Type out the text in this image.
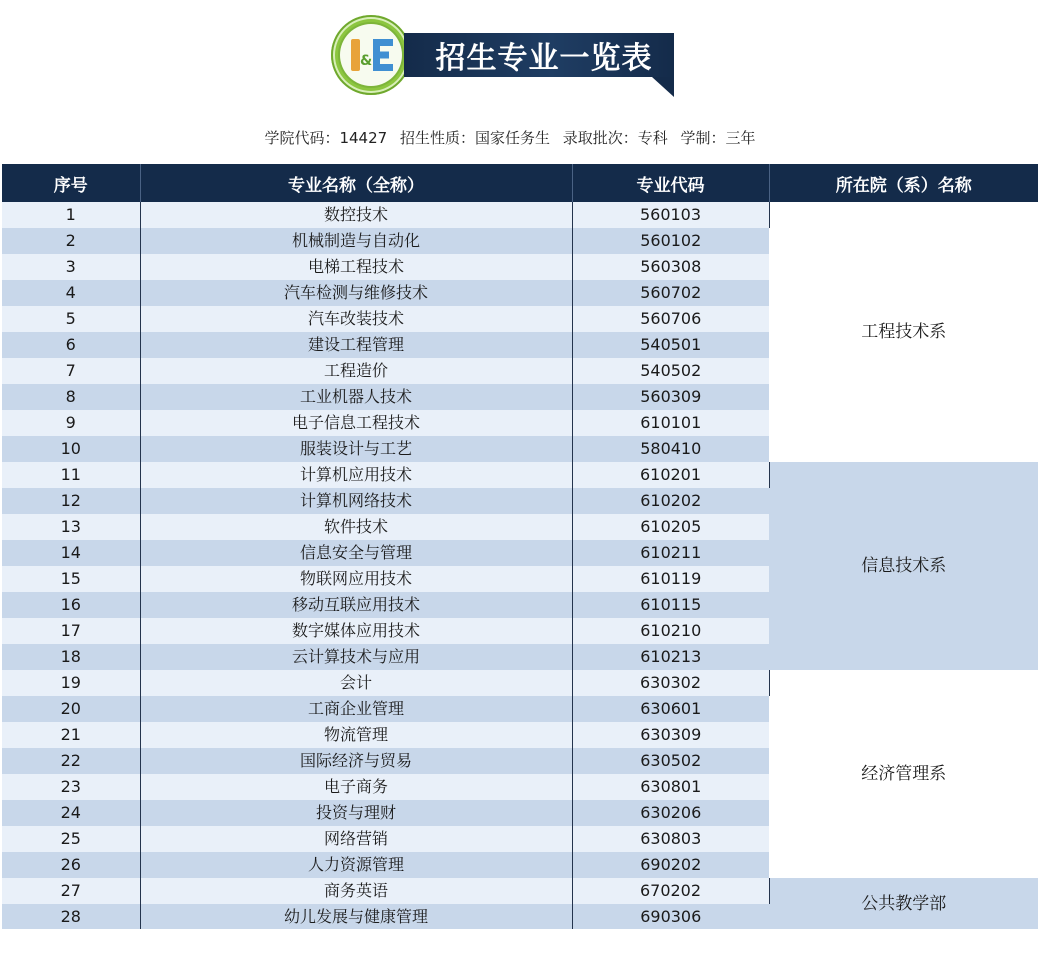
&	招生专业一览表
学院代码：14427 招生性质：国家任务生 录取批次：专科 学制：三年
序号	专业名称（全称）	专业代码	所在院（系）名称
1	数控技术	560103	工程技术系
2	机械制造与自动化	560102	
3	电梯工程技术	560308	
4	汽车检测与维修技术	560702	
5	汽车改装技术	560706	
6	建设工程管理	540501	
7	工程造价	540502	
8	工业机器人技术	560309	
9	电子信息工程技术	610101	
10	服装设计与工艺	580410	
11	计算机应用技术	610201	信息技术系
12	计算机网络技术	610202	
13	软件技术	610205	
14	信息安全与管理	610211	
15	物联网应用技术	610119	
16	移动互联应用技术	610115	
17	数字媒体应用技术	610210	
18	云计算技术与应用	610213	
19	会计	630302	经济管理系
20	工商企业管理	630601	
21	物流管理	630309	
22	国际经济与贸易	630502	
23	电子商务	630801	
24	投资与理财	630206	
25	网络营销	630803	
26	人力资源管理	690202	
27	商务英语	670202	公共教学部
28	幼儿发展与健康管理	690306	
